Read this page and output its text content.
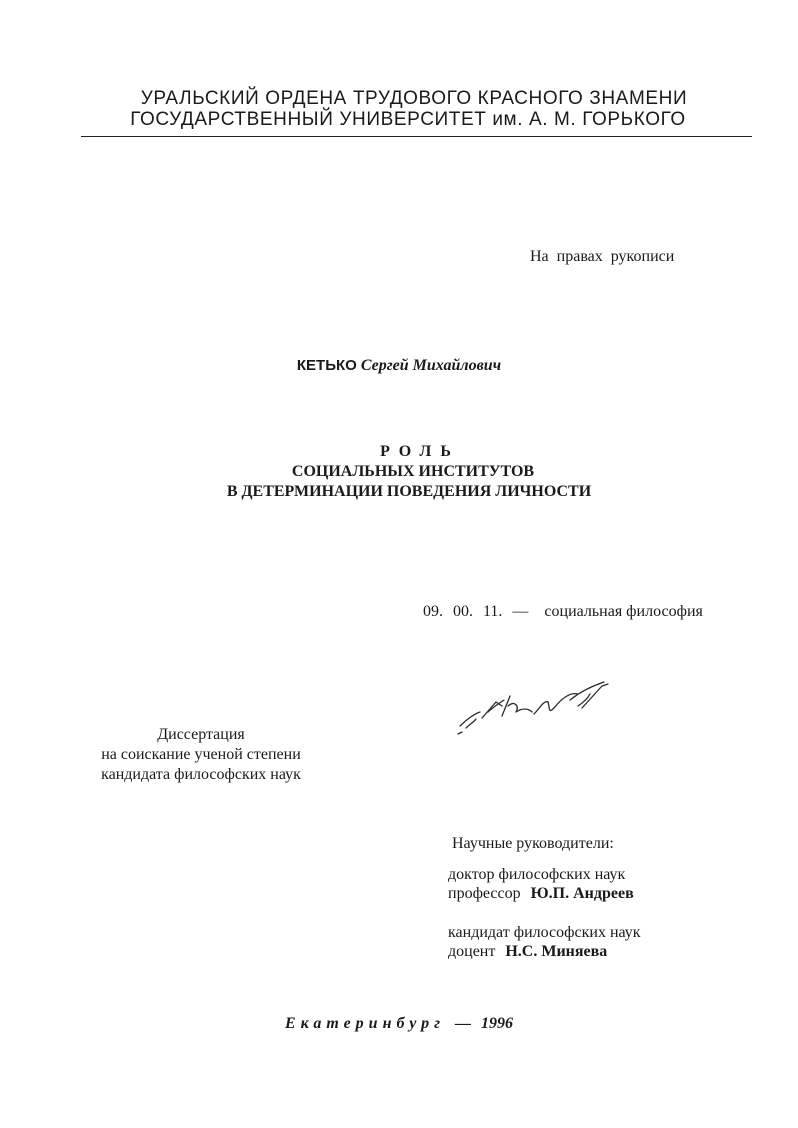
УРАЛЬСКИЙ ОРДЕНА ТРУДОВОГО КРАСНОГО ЗНАМЕНИ
ГОСУДАРСТВЕННЫЙ УНИВЕРСИТЕТ им. А. М. ГОРЬКОГО
На правах рукописи
КЕТЬКО Сергей Михайлович
РОЛЬ
СОЦИАЛЬНЫХ ИНСТИТУТОВ
В ДЕТЕРМИНАЦИИ ПОВЕДЕНИЯ ЛИЧНОСТИ
09. 00. 11. — социальная философия
Диссертация
на соискание ученой степени
кандидата философских наук
Научные руководители:
доктор философских наук
профессор Ю.П. Андреев
кандидат философских наук
доцент Н.С. Миняева
Екатеринбург — 1996
